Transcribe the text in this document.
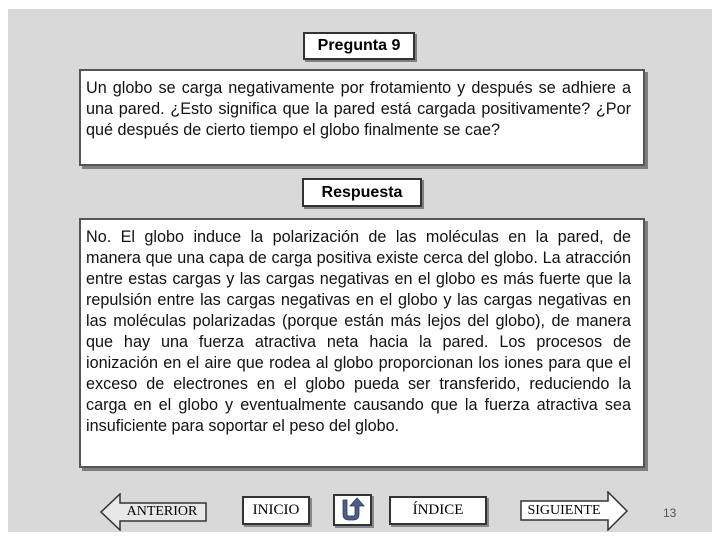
Pregunta 9
Un globo se carga negativamente por frotamiento y después se adhiere a una pared. ¿Esto significa que la pared está cargada positivamente? ¿Por qué después de cierto tiempo el globo finalmente se cae?
Respuesta
No. El globo induce la polarización de las moléculas en la pared, de manera que una capa de carga positiva existe cerca del globo. La atracción entre estas cargas y las cargas negativas en el globo es más fuerte que la repulsión entre las cargas negativas en el globo y las cargas negativas en las moléculas polarizadas (porque están más lejos del globo), de manera que hay una fuerza atractiva neta hacia la pared. Los procesos de ionización en el aire que rodea al globo proporcionan los iones para que el exceso de electrones en el globo pueda ser transferido, reduciendo la carga en el globo y eventualmente causando que la fuerza atractiva sea insuficiente para soportar el peso del globo.
ANTERIOR	INICIO	ÍNDICE	SIGUIENTE	13
